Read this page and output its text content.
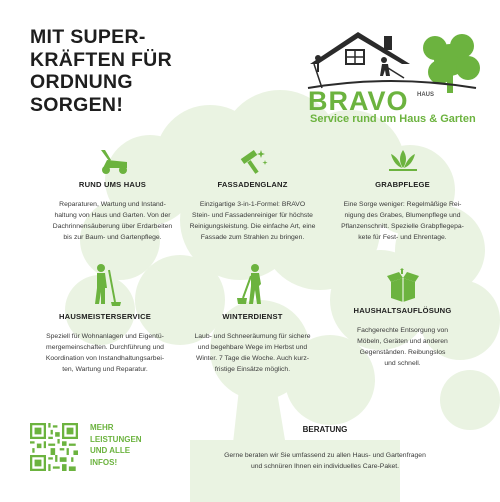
MIT SUPER-
KRÄFTEN FÜR
ORDNUNG
SORGEN!	BRAVO	HAUS
Service rund um Haus & Garten
RUND UMS HAUS

Reparaturen, Wartung und Instand-
haltung von Haus und Garten. Von der
Dachrinnensäuberung über Erdarbeiten
bis zur Baum- und Gartenpflege.

FASSADENGLANZ

Einzigartige 3-in-1-Formel: BRAVO
Stein- und Fassadenreiniger für höchste
Reinigungsleistung. Die einfache Art, eine
Fassade zum Strahlen zu bringen.

GRABPFLEGE

Eine Sorge weniger: Regelmäßige Rei-
nigung des Grabes, Blumenpflege und
Pflanzenschnitt. Spezielle Grabpflegepa-
kete für Fest- und Ehrentage.

HAUSMEISTERSERVICE

Speziell für Wohnanlagen und Eigentü-
mergemeinschaften. Durchführung und
Koordination von Instandhaltungsarbei-
ten, Wartung und Reparatur.

WINTERDIENST

Laub- und Schneeräumung für sichere
und begehbare Wege im Herbst und
Winter. 7 Tage die Woche. Auch kurz-
fristige Einsätze möglich.

HAUSHALTSAUFLÖSUNG

Fachgerechte Entsorgung von
Möbeln, Geräten und anderen
Gegenständen. Reibungslos
und schnell.

MEHR
LEISTUNGEN
UND ALLE
INFOS!
BERATUNG

Gerne beraten wir Sie umfassend zu allen Haus- und Gartenfragen
und schnüren Ihnen ein individuelles Care-Paket.
